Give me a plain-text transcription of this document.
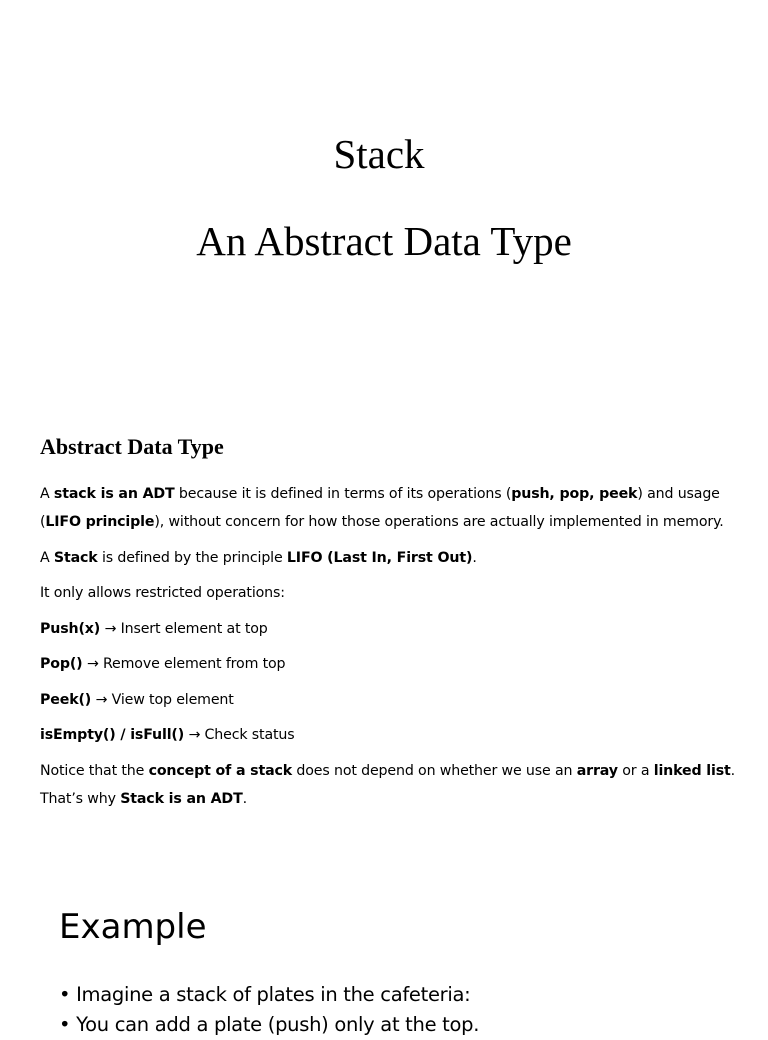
Stack
An Abstract Data Type
Abstract Data Type

A stack is an ADT because it is defined in terms of its operations (push, pop, peek) and usage

(LIFO principle), without concern for how those operations are actually implemented in memory.

A Stack is defined by the principle LIFO (Last In, First Out).

It only allows restricted operations:

Push(x) → Insert element at top

Pop() → Remove element from top

Peek() → View top element

isEmpty() / isFull() → Check status

Notice that the concept of a stack does not depend on whether we use an array or a linked list.

That’s why Stack is an ADT.

Example
• Imagine a stack of plates in the cafeteria:
• You can add a plate (push) only at the top.
